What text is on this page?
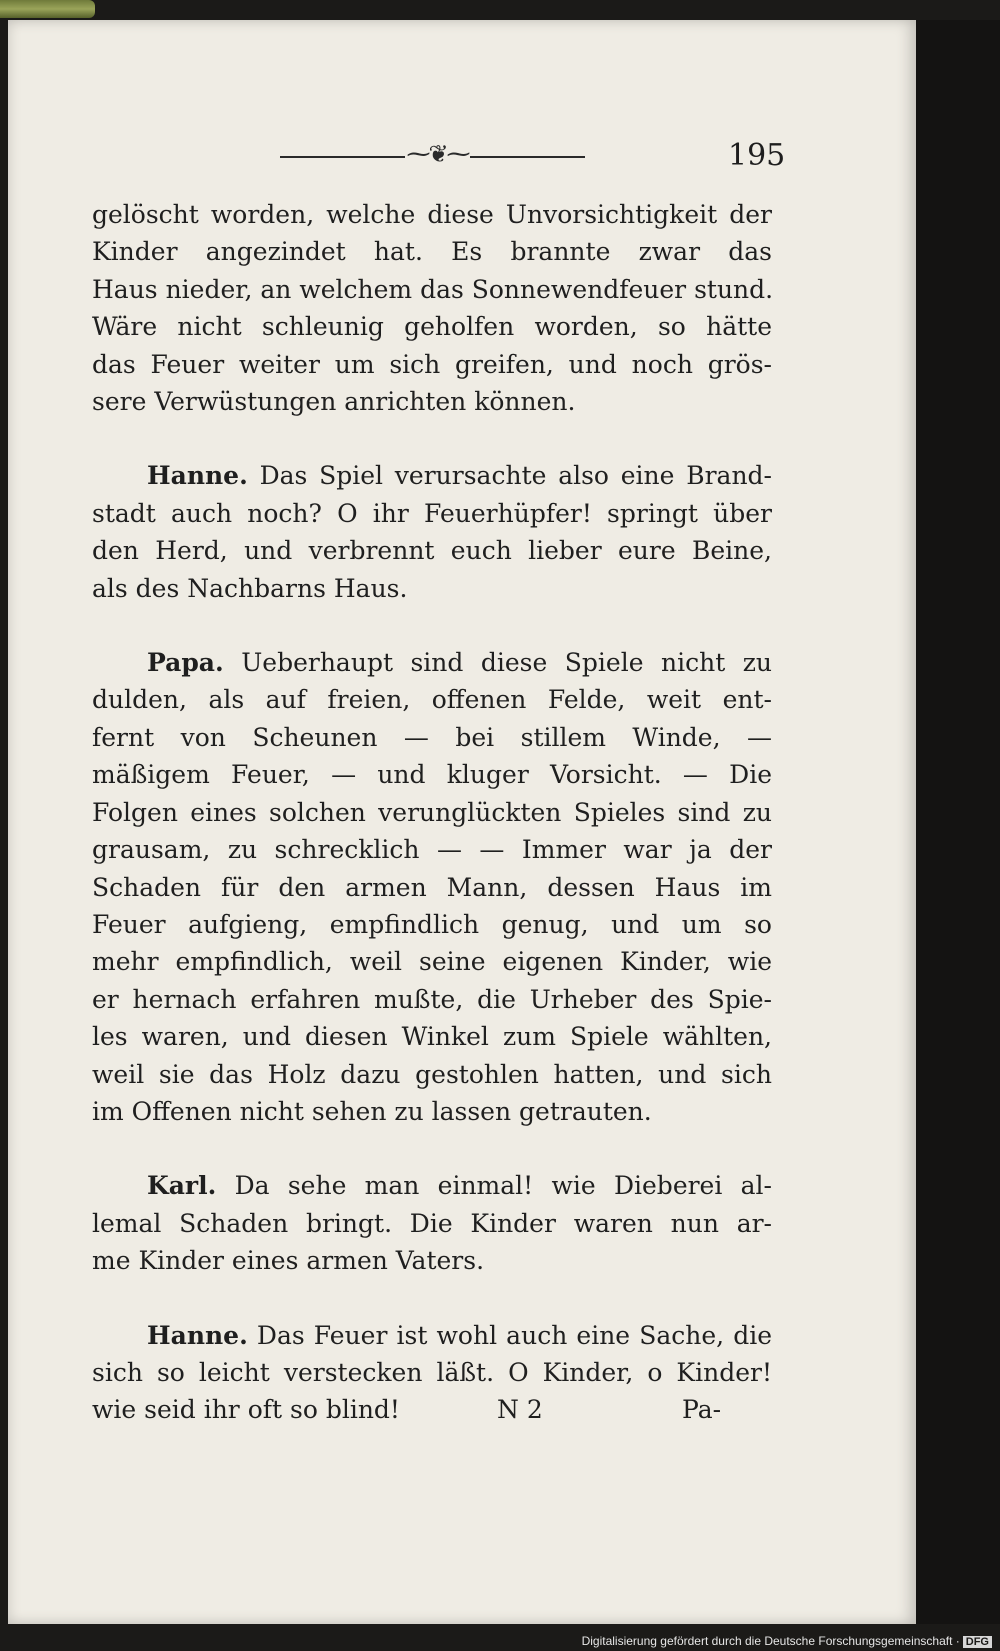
⁓❦⁓	195

gelöscht worden, welche diese Unvorsichtigkeit der
Kinder angezindet hat. Es brannte zwar das
Haus nieder, an welchem das Sonnewendfeuer stund.
Wäre nicht schleunig geholfen worden, so hätte
das Feuer weiter um sich greifen, und noch grös-
sere Verwüstungen anrichten können.

Hanne. Das Spiel verursachte also eine Brand-
stadt auch noch? O ihr Feuerhüpfer! springt über
den Herd, und verbrennt euch lieber eure Beine,
als des Nachbarns Haus.

Papa. Ueberhaupt sind diese Spiele nicht zu
dulden, als auf freien, offenen Felde, weit ent-
fernt von Scheunen — bei stillem Winde, —
mäßigem Feuer, — und kluger Vorsicht. — Die
Folgen eines solchen verunglückten Spieles sind zu
grausam, zu schrecklich — — Immer war ja der
Schaden für den armen Mann, dessen Haus im
Feuer aufgieng, empfindlich genug, und um so
mehr empfindlich, weil seine eigenen Kinder, wie
er hernach erfahren mußte, die Urheber des Spie-
les waren, und diesen Winkel zum Spiele wählten,
weil sie das Holz dazu gestohlen hatten, und sich
im Offenen nicht sehen zu lassen getrauten.

Karl. Da sehe man einmal! wie Dieberei al-
lemal Schaden bringt. Die Kinder waren nun ar-
me Kinder eines armen Vaters.

Hanne. Das Feuer ist wohl auch eine Sache, die
sich so leicht verstecken läßt. O Kinder, o Kinder!
wie seid ihr oft so blind!	N 2	Pa-

Digitalisierung gefördert durch die Deutsche Forschungsgemeinschaft · DFG
